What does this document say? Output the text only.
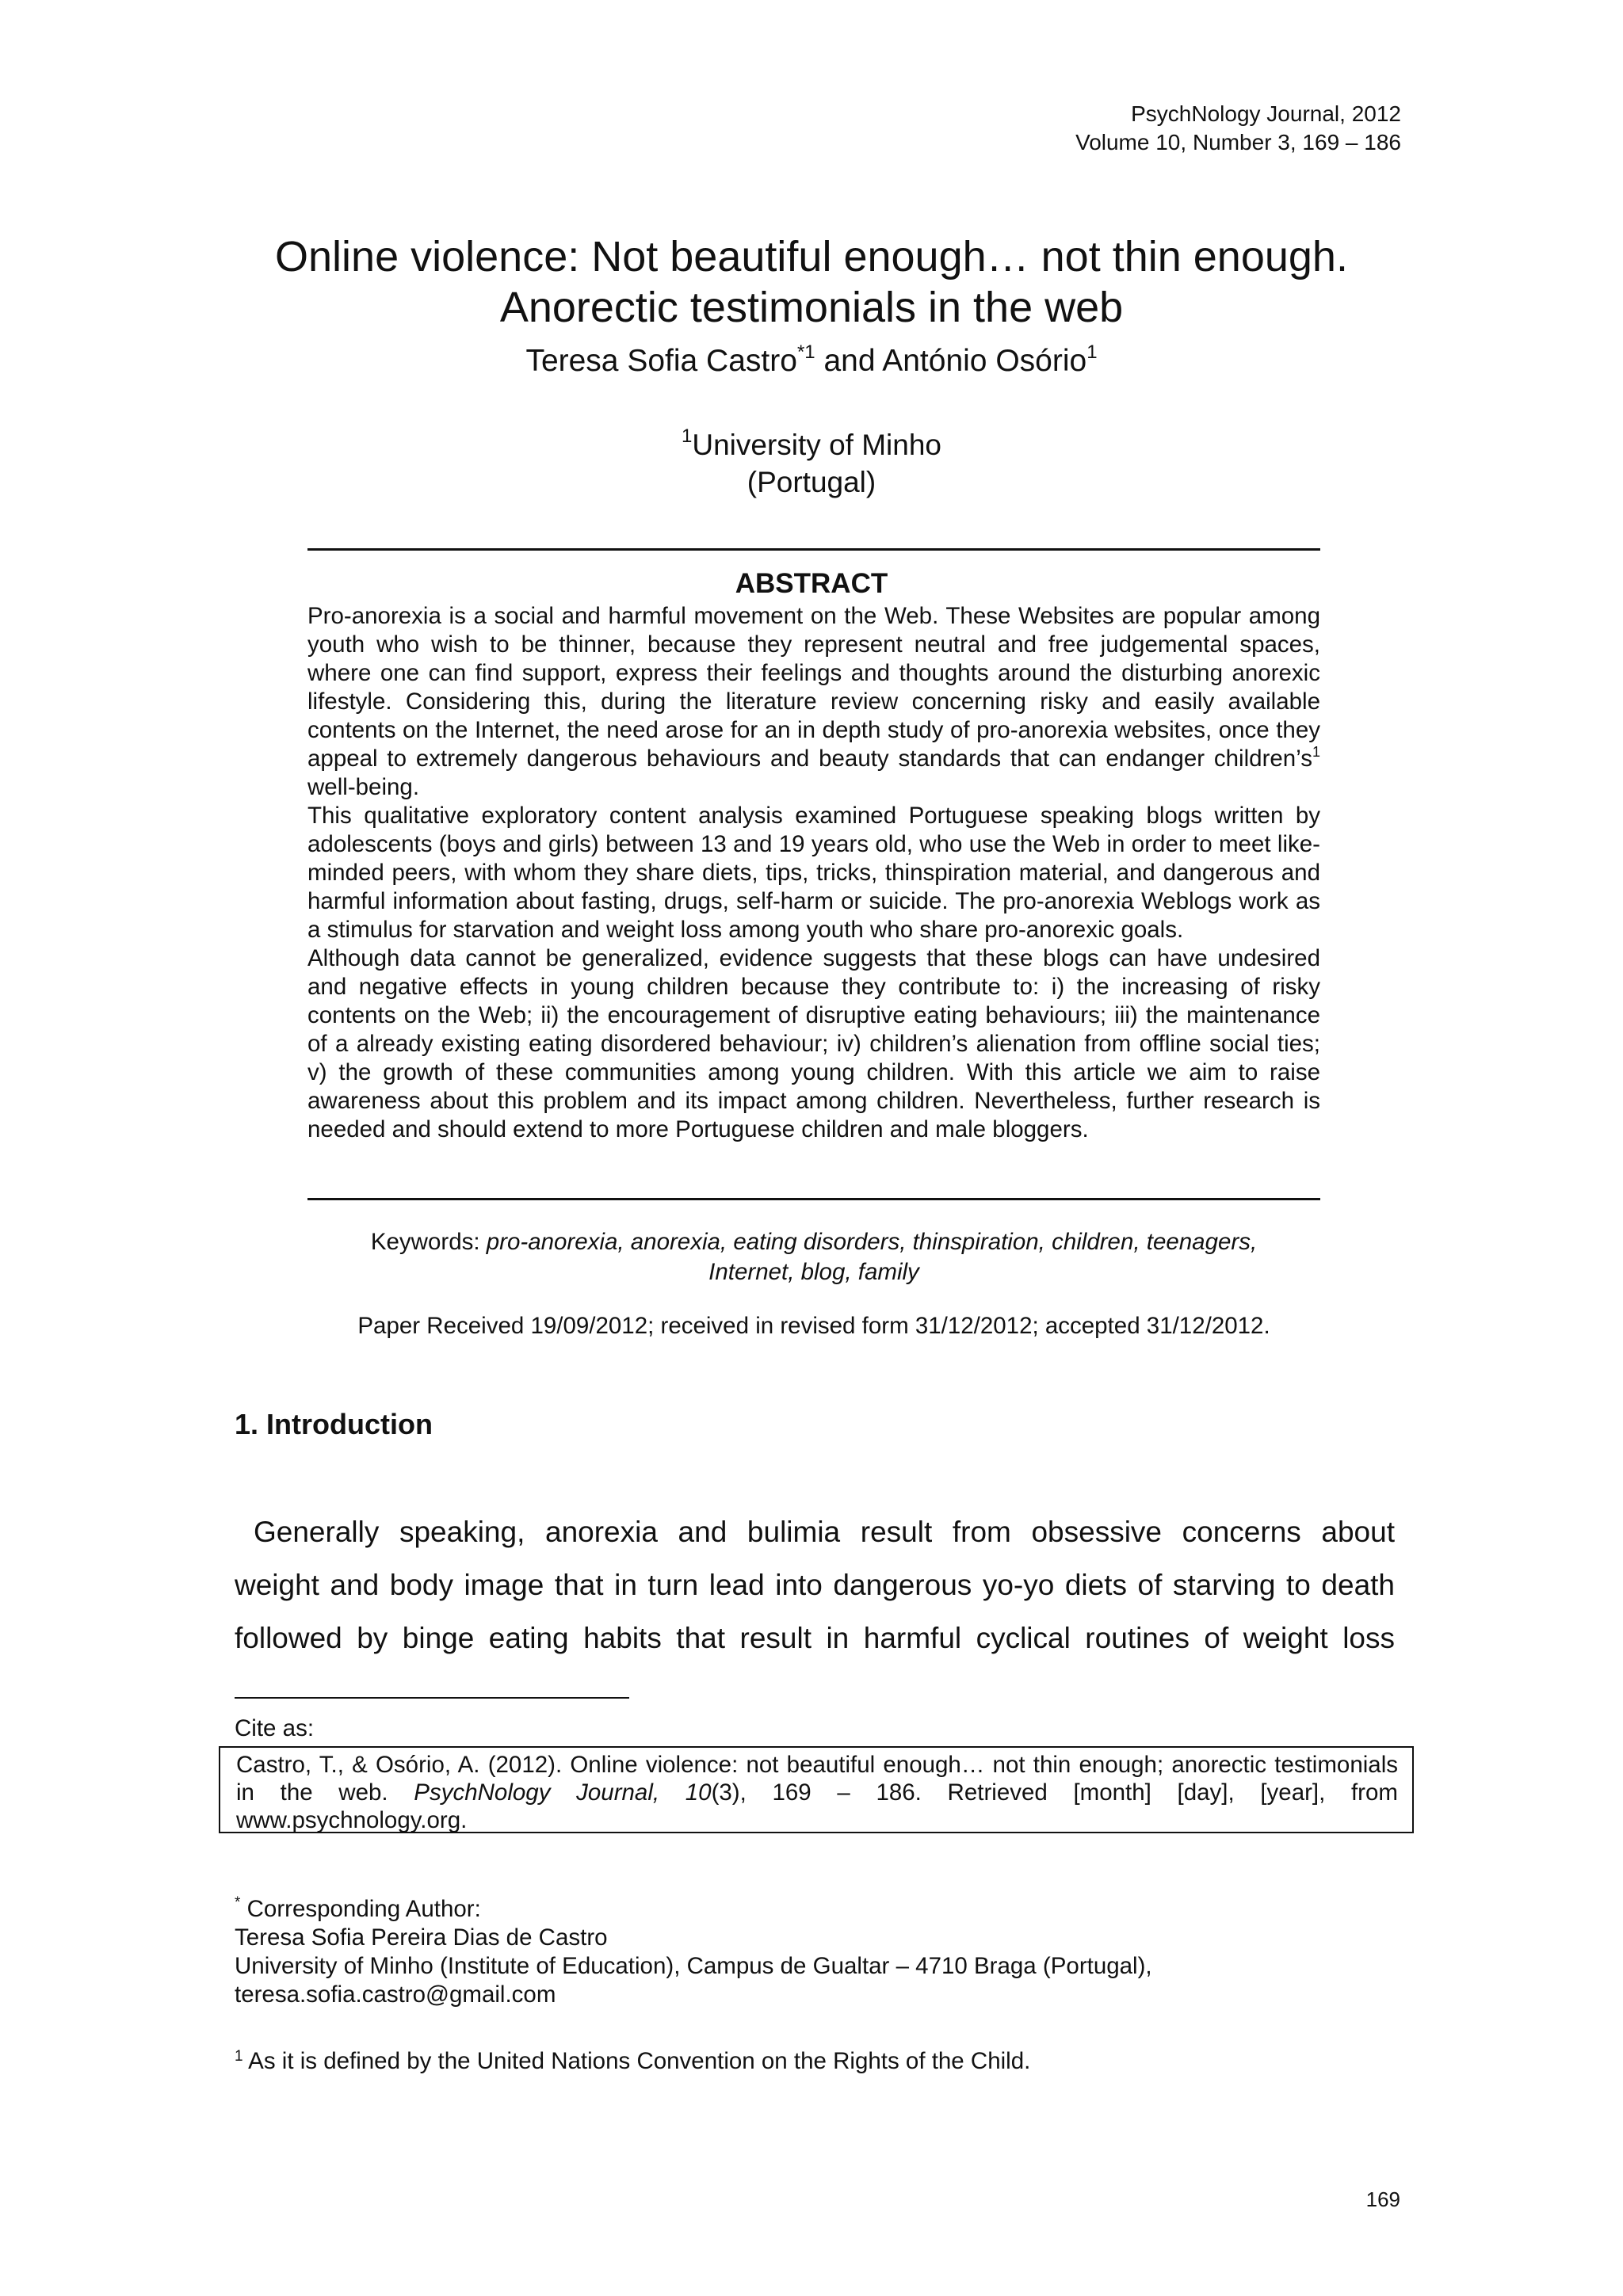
PsychNology Journal, 2012
Volume 10, Number 3, 169 – 186
Online violence: Not beautiful enough… not thin enough.
Anorectic testimonials in the web
Teresa Sofia Castro$^{*1}$ and António Osório$^1$
$^1$University of Minho
(Portugal)
ABSTRACT

Pro-anorexia is a social and harmful movement on the Web. These Websites are popular among youth who wish to be thinner, because they represent neutral and free judgemental spaces, where one can find support, express their feelings and thoughts around the disturbing anorexic lifestyle. Considering this, during the literature review concerning risky and easily available contents on the Internet, the need arose for an in depth study of pro-anorexia websites, once they appeal to extremely dangerous behaviours and beauty standards that can endanger $children’s^1$ well-being.

This qualitative exploratory content analysis examined Portuguese speaking blogs written by adolescents (boys and girls) between 13 and 19 years old, who use the Web in order to meet like-minded peers, with whom they share diets, tips, tricks, thinspiration material, and dangerous and harmful information about fasting, drugs, self-harm or suicide. The pro-anorexia Weblogs work as a stimulus for starvation and weight loss among youth who share pro-anorexic goals.

Although data cannot be generalized, evidence suggests that these blogs can have undesired and negative effects in young children because they contribute to: i) the increasing of risky contents on the Web; ii) the encouragement of disruptive eating behaviours; iii) the maintenance of a already existing eating disordered behaviour; iv) children’s alienation from offline social ties; v) the growth of these communities among young children. With this article we aim to raise awareness about this problem and its impact among children. Nevertheless, further research is needed and should extend to more Portuguese children and male bloggers.

Keywords: pro-anorexia, anorexia, eating disorders, thinspiration, children, teenagers,
Internet, blog, family
Paper Received 19/09/2012; received in revised form 31/12/2012; accepted 31/12/2012.
1. Introduction
Generally speaking, anorexia and bulimia result from obsessive concerns about
weight and body image that in turn lead into dangerous yo-yo diets of starving to death
followed by binge eating habits that result in harmful cyclical routines of weight loss
Cite as:
Castro, T., & Osório, A. (2012). Online violence: not beautiful enough… not thin enough; anorectic testimonials in the web. PsychNology Journal, 10(3), 169 – 186. Retrieved [month] [day], [year], from
www.psychnology.org.
* Corresponding Author:
Teresa Sofia Pereira Dias de Castro
University of Minho (Institute of Education), Campus de Gualtar – 4710 Braga (Portugal),
teresa.sofia.castro@gmail.com
$^1$ As it is defined by the United Nations Convention on the Rights of the Child.
169
